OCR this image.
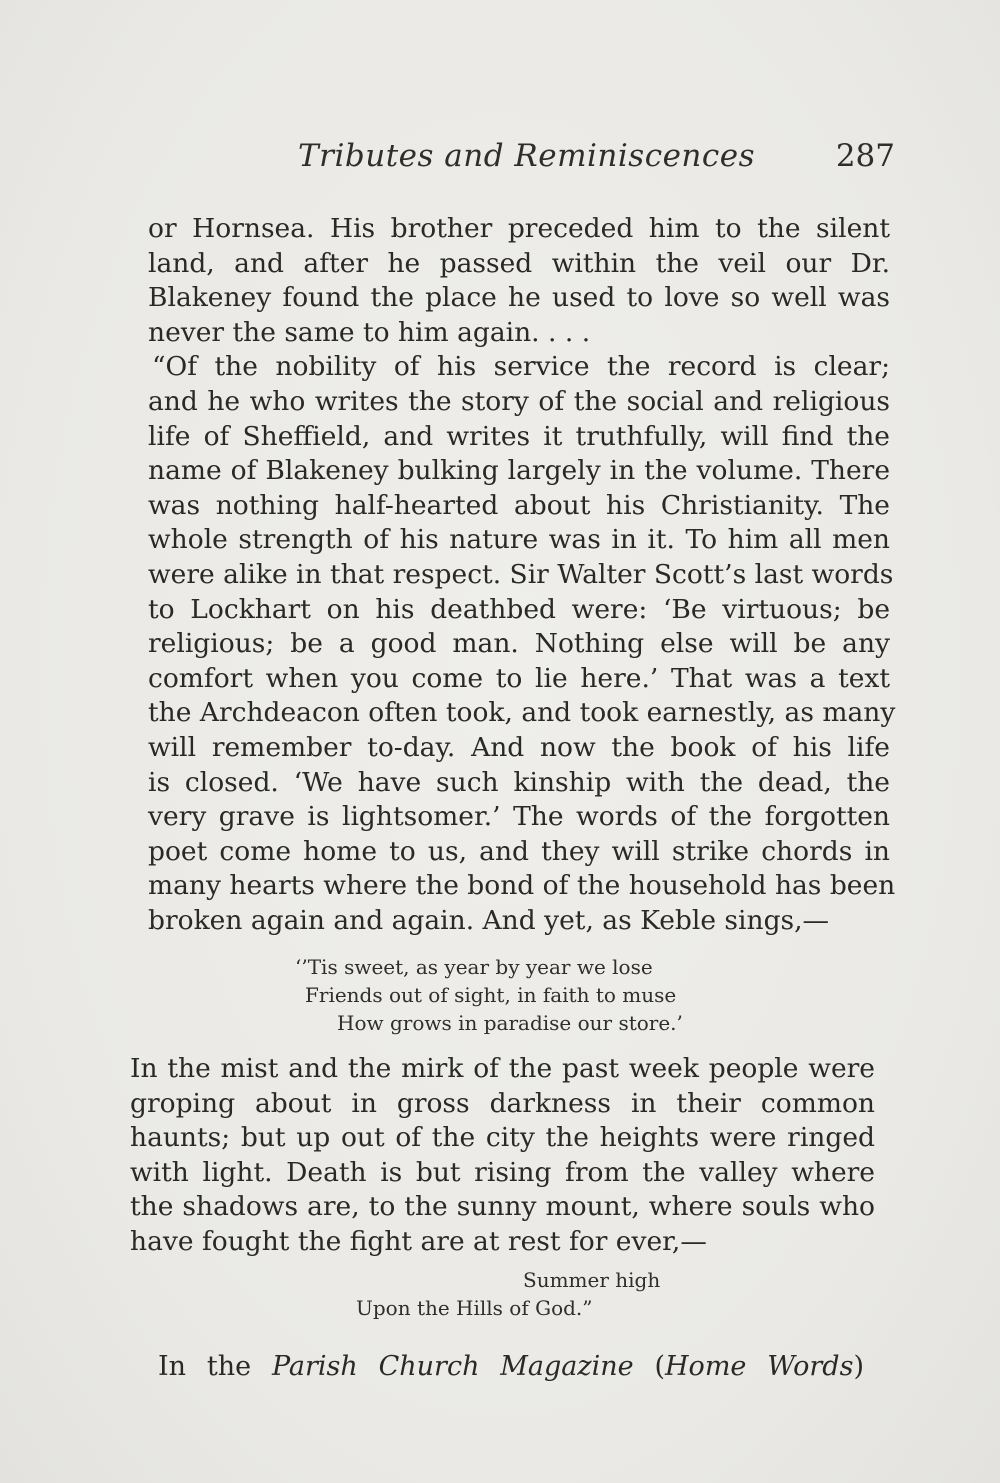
Tributes and Reminiscences	287
or Hornsea. His brother preceded him to the silent
land, and after he passed within the veil our Dr.
Blakeney found the place he used to love so well was
never the same to him again. . . .
“Of the nobility of his service the record is clear;
and he who writes the story of the social and religious
life of Sheffield, and writes it truthfully, will find the
name of Blakeney bulking largely in the volume. There
was nothing half-hearted about his Christianity. The
whole strength of his nature was in it. To him all men
were alike in that respect. Sir Walter Scott’s last words
to Lockhart on his deathbed were: ‘Be virtuous; be
religious; be a good man. Nothing else will be any
comfort when you come to lie here.’ That was a text
the Archdeacon often took, and took earnestly, as many
will remember to-day. And now the book of his life
is closed. ‘We have such kinship with the dead, the
very grave is lightsomer.’ The words of the forgotten
poet come home to us, and they will strike chords in
many hearts where the bond of the household has been
broken again and again. And yet, as Keble sings,—
‘’Tis sweet, as year by year we lose
Friends out of sight, in faith to muse
How grows in paradise our store.’
In the mist and the mirk of the past week people were
groping about in gross darkness in their common
haunts; but up out of the city the heights were ringed
with light. Death is but rising from the valley where
the shadows are, to the sunny mount, where souls who
have fought the fight are at rest for ever,—
Summer high
Upon the Hills of God.”
In the Parish Church Magazine (Home Words)
